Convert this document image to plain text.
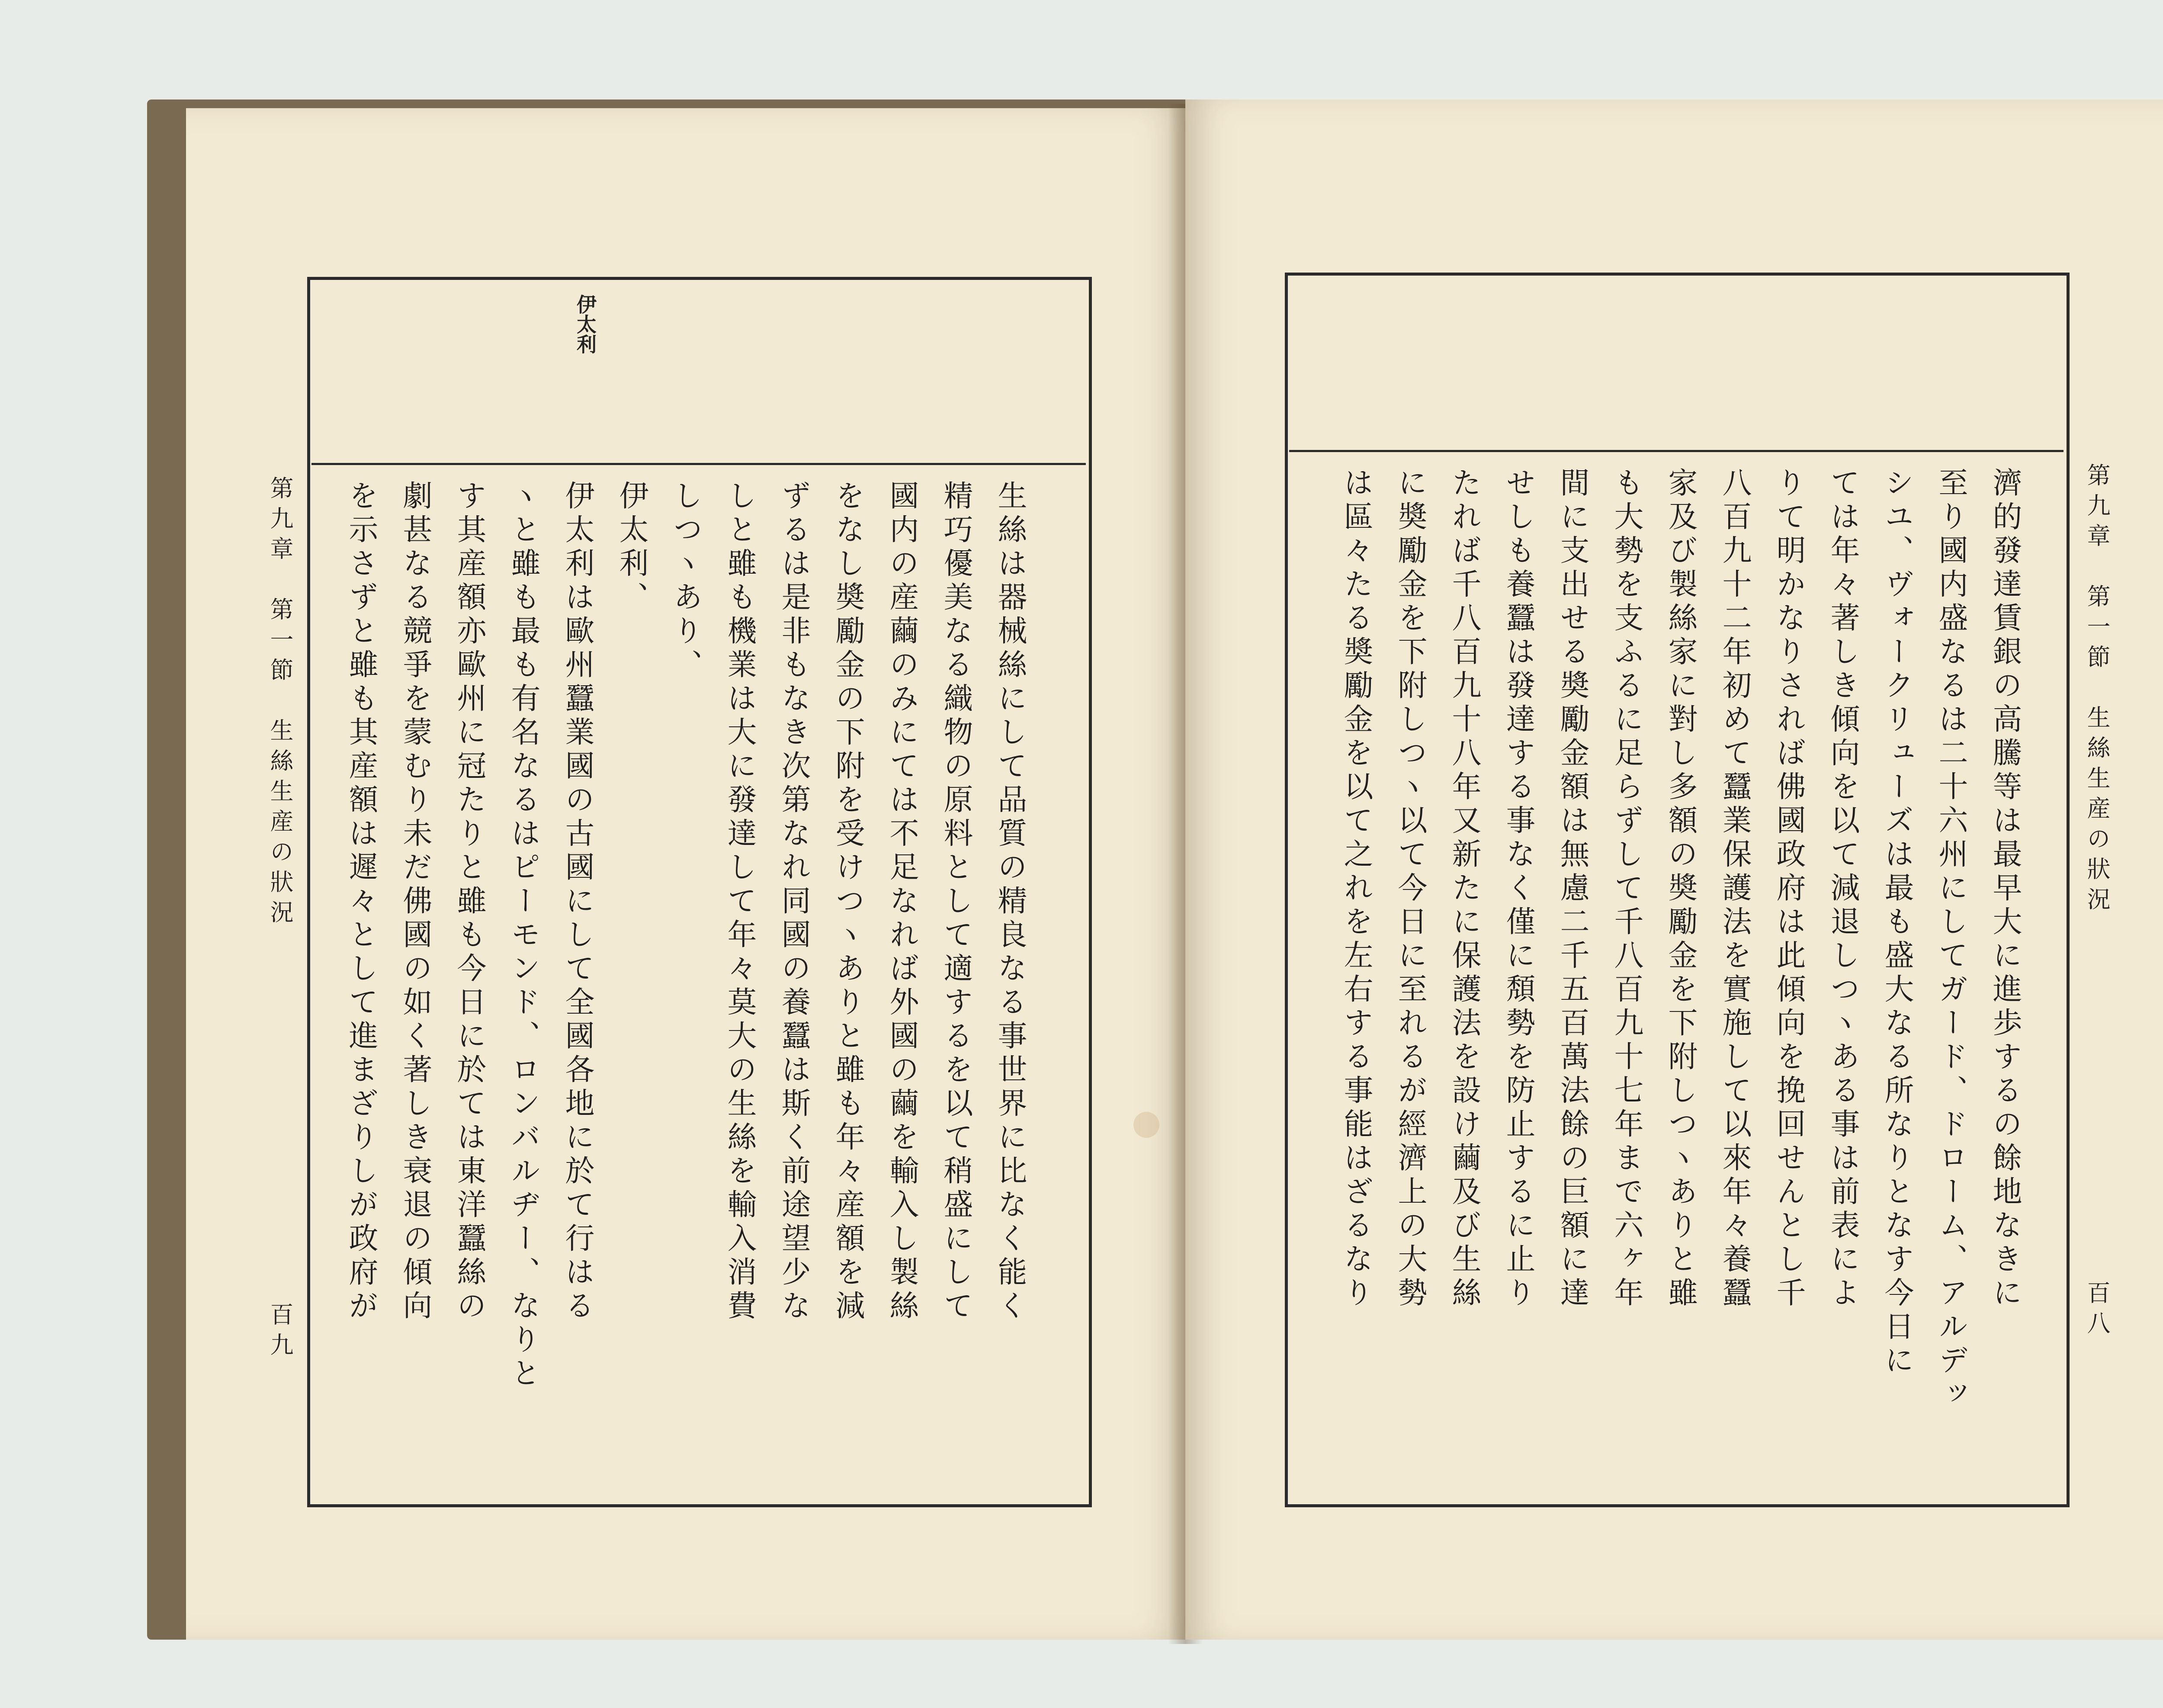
伊太利
第九章　第一節　生絲生産の狀況
百九
生絲は器械絲にして品質の精良なる事世界に比なく能く
精巧優美なる織物の原料として適するを以て稍盛にして
國内の産繭のみにては不足なれば外國の繭を輸入し製絲
をなし奬勵金の下附を受けつヽありと雖も年々産額を減
ずるは是非もなき次第なれ同國の養蠶は斯く前途望少な
しと雖も機業は大に發達して年々莫大の生絲を輸入消費
しつヽあり、
伊太利、
伊太利は歐州蠶業國の古國にして全國各地に於て行はる
ヽと雖も最も有名なるはピーモンド、ロンバルヂー、なりと
す其産額亦歐州に冠たりと雖も今日に於ては東洋蠶絲の
劇甚なる競爭を蒙むり未だ佛國の如く著しき衰退の傾向
を示さずと雖も其産額は遲々として進まざりしが政府が	第九章　第一節　生絲生産の狀況
百八
濟的發達賃銀の高騰等は最早大に進歩するの餘地なきに
至り國内盛なるは二十六州にしてガード、ドローム、アルデッ
シユ、ヴォークリューズは最も盛大なる所なりとなす今日に
ては年々著しき傾向を以て減退しつヽある事は前表によ
りて明かなりされば佛國政府は此傾向を挽回せんとし千
八百九十二年初めて蠶業保護法を實施して以來年々養蠶
家及び製絲家に對し多額の奬勵金を下附しつヽありと雖
も大勢を支ふるに足らずして千八百九十七年まで六ヶ年
間に支出せる奬勵金額は無慮二千五百萬法餘の巨額に達
せしも養蠶は發達する事なく僅に頽勢を防止するに止り
たれば千八百九十八年又新たに保護法を設け繭及び生絲
に奬勵金を下附しつヽ以て今日に至れるが經濟上の大勢
は區々たる奬勵金を以て之れを左右する事能はざるなり
